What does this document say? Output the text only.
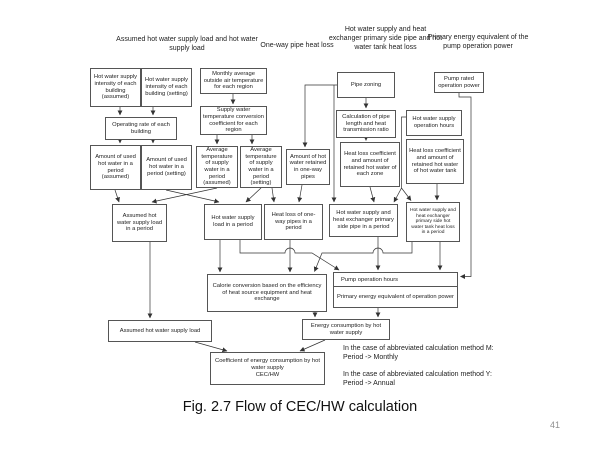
Assumed hot water supply load and hot water supply load	One-way pipe heat loss
Hot water supply and heat exchanger primary side pipe and hot water tank heat loss
Primary energy equivalent of the pump operation power
Hot water supply intensity of each building (assumed)
Hot water supply intensity of each building (setting)
Monthly average outside air temperature for each region	Pipe zoning
Pump rated operation power
Operating rate of each building
Supply water temperature conversion coefficient for each region
Calculation of pipe length and heat transmission ratio
Hot water supply operation hours
Amount of used hot water in a period (assumed)
Amount of used hot water in a period (setting)
Average temperature of supply water in a period (assumed)
Average temperature of supply water in a period (setting)
Amount of hot water retained in one-way pipes
Heat loss coefficient and amount of retained hot water of each zone
Heat loss coefficient and amount of retained hot water of hot water tank
Assumed hot water supply load in a period
Hot water supply load in a period
Heat loss of one-way pipes in a period
Hot water supply and heat exchanger primary side pipe in a period
Hot water supply and heat exchanger primary side hot water tank heat loss in a period
Calorie conversion based on the efficiency of heat source equipment and heat exchange
Pump operation hours
Primary energy equivalent of operation power
Assumed hot water supply load
Energy consumption by hot water supply
Coefficient of energy consumption by hot water supply
CEC/HW
In the case of abbreviated calculation method M:
Period -> Monthly
In the case of abbreviated calculation method Y:
Period -> Annual
Fig. 2.7 Flow of CEC/HW calculation
41
